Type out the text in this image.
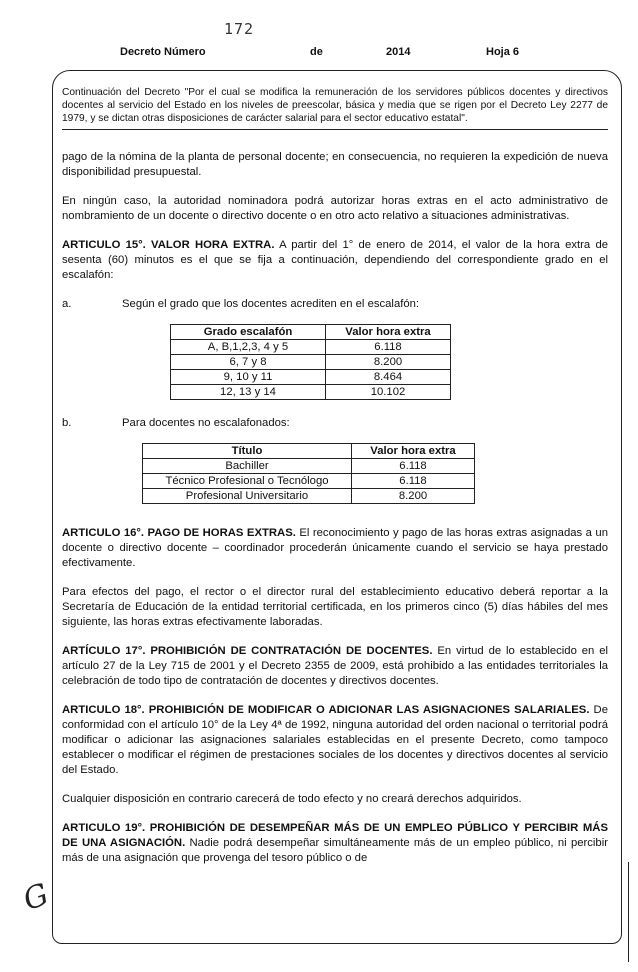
172
Decreto Número	de	2014	Hoja 6
Continuación del Decreto "Por el cual se modifica la remuneración de los servidores públicos docentes y directivos docentes al servicio del Estado en los niveles de preescolar, básica y media que se rigen por el Decreto Ley 2277 de 1979, y se dictan otras disposiciones de carácter salarial para el sector educativo estatal".

pago de la nómina de la planta de personal docente; en consecuencia, no requieren la expedición de nueva disponibilidad presupuestal.

En ningún caso, la autoridad nominadora podrá autorizar horas extras en el acto administrativo de nombramiento de un docente o directivo docente o en otro acto relativo a situaciones administrativas.

ARTICULO 15°. VALOR HORA EXTRA. A partir del 1° de enero de 2014, el valor de la hora extra de sesenta (60) minutos es el que se fija a continuación, dependiendo del correspondiente grado en el escalafón:

a.	Según el grado que los docentes acrediten en el escalafón:
Grado escalafón	Valor hora extra
A, B,1,2,3, 4 y 5	6.118
6, 7 y 8	8.200
9, 10 y 11	8.464
12, 13 y 14	10.102
b.	Para docentes no escalafonados:
Título	Valor hora extra
Bachiller	6.118
Técnico Profesional o Tecnólogo	6.118
Profesional Universitario	8.200

ARTICULO 16°. PAGO DE HORAS EXTRAS. El reconocimiento y pago de las horas extras asignadas a un docente o directivo docente – coordinador procederán únicamente cuando el servicio se haya prestado efectivamente.

Para efectos del pago, el rector o el director rural del establecimiento educativo deberá reportar a la Secretaría de Educación de la entidad territorial certificada, en los primeros cinco (5) días hábiles del mes siguiente, las horas extras efectivamente laboradas.

ARTÍCULO 17°. PROHIBICIÓN DE CONTRATACIÓN DE DOCENTES. En virtud de lo establecido en el artículo 27 de la Ley 715 de 2001 y el Decreto 2355 de 2009, está prohibido a las entidades territoriales la celebración de todo tipo de contratación de docentes y directivos docentes.

ARTICULO 18°. PROHIBICIÓN DE MODIFICAR O ADICIONAR LAS ASIGNACIONES SALARIALES. De conformidad con el artículo 10° de la Ley 4ª de 1992, ninguna autoridad del orden nacional o territorial podrá modificar o adicionar las asignaciones salariales establecidas en el presente Decreto, como tampoco establecer o modificar el régimen de prestaciones sociales de los docentes y directivos docentes al servicio del Estado.

Cualquier disposición en contrario carecerá de todo efecto y no creará derechos adquiridos.

ARTICULO 19°. PROHIBICIÓN DE DESEMPEÑAR MÁS DE UN EMPLEO PÚBLICO Y PERCIBIR MÁS DE UNA ASIGNACIÓN. Nadie podrá desempeñar simultáneamente más de un empleo público, ni percibir más de una asignación que provenga del tesoro público o de

G
